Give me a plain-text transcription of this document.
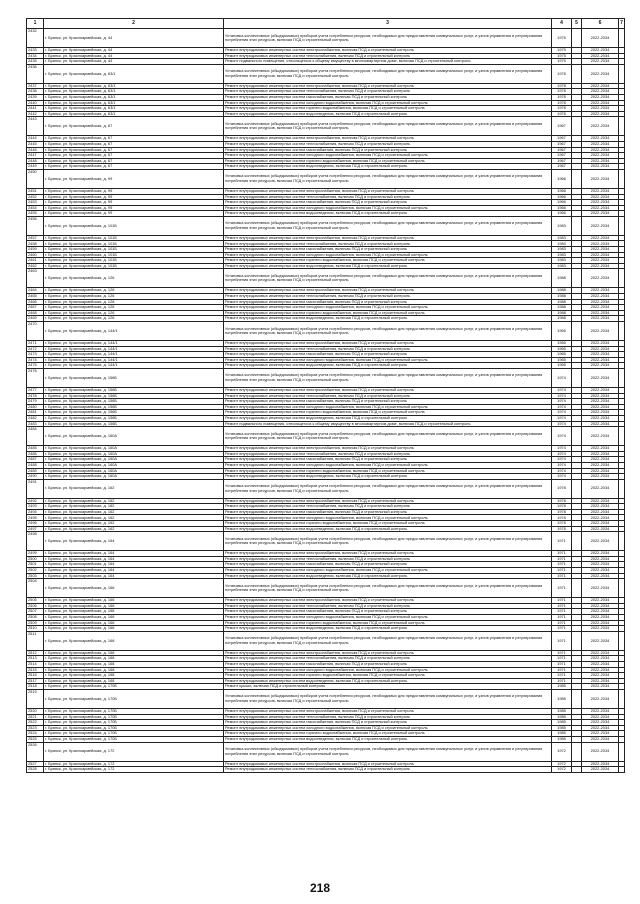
1	2	3	4	5	6	7
2432	г. Брянск, ул. Красноармейская, д. 44	Установка коллективных (общедомовых) приборов учета потребления ресурсов, необходимых для предоставления коммунальных услуг, и узлов управления и регулирования потребления этих ресурсов, включая ПСД и строительный контроль	1975		2022-2034	
2433	г. Брянск, ул. Красноармейская, д. 44	Ремонт внутридомовых инженерных систем электроснабжения, включая ПСД и строительный контроль	1975		2022-2034	
2434	г. Брянск, ул. Красноармейская, д. 44	Ремонт внутридомовых инженерных систем теплоснабжения, включая ПСД и строительный контроль	1975		2022-2034	
2435	г. Брянск, ул. Красноармейская, д. 44	Ремонт подвального помещения, относящегося к общему имуществу в многоквартирном доме, включая ПСД и строительный контроль	1975		2022-2034	
2436	г. Брянск, ул. Красноармейская, д. 63/1	Установка коллективных (общедомовых) приборов учета потребления ресурсов, необходимых для предоставления коммунальных услуг, и узлов управления и регулирования потребления этих ресурсов, включая ПСД и строительный контроль	1978		2022-2034	
2437	г. Брянск, ул. Красноармейская, д. 63/1	Ремонт внутридомовых инженерных систем электроснабжения, включая ПСД и строительный контроль	1978		2022-2034	
2438	г. Брянск, ул. Красноармейская, д. 63/1	Ремонт внутридомовых инженерных систем теплоснабжения, включая ПСД и строительный контроль	1978		2022-2034	
2439	г. Брянск, ул. Красноармейская, д. 63/1	Ремонт внутридомовых инженерных систем газоснабжения, включая ПСД и строительный контроль	1978		2022-2034	
2440	г. Брянск, ул. Красноармейская, д. 63/1	Ремонт внутридомовых инженерных систем холодного водоснабжения, включая ПСД и строительный контроль	1978		2022-2034	
2441	г. Брянск, ул. Красноармейская, д. 63/1	Ремонт внутридомовых инженерных систем горячего водоснабжения, включая ПСД и строительный контроль	1978		2022-2034	
2442	г. Брянск, ул. Красноармейская, д. 63/1	Ремонт внутридомовых инженерных систем водоотведения, включая ПСД и строительный контроль	1978		2022-2034	
2443	г. Брянск, ул. Красноармейская, д. 67	Установка коллективных (общедомовых) приборов учета потребления ресурсов, необходимых для предоставления коммунальных услуг, и узлов управления и регулирования потребления этих ресурсов, включая ПСД и строительный контроль	1967		2022-2034	
2444	г. Брянск, ул. Красноармейская, д. 67	Ремонт внутридомовых инженерных систем электроснабжения, включая ПСД и строительный контроль	1967		2022-2034	
2445	г. Брянск, ул. Красноармейская, д. 67	Ремонт внутридомовых инженерных систем теплоснабжения, включая ПСД и строительный контроль	1967		2022-2034	
2446	г. Брянск, ул. Красноармейская, д. 67	Ремонт внутридомовых инженерных систем газоснабжения, включая ПСД и строительный контроль	1967		2022-2034	
2447	г. Брянск, ул. Красноармейская, д. 67	Ремонт внутридомовых инженерных систем холодного водоснабжения, включая ПСД и строительный контроль	1967		2022-2034	
2448	г. Брянск, ул. Красноармейская, д. 67	Ремонт внутридомовых инженерных систем горячего водоснабжения, включая ПСД и строительный контроль	1967		2022-2034	
2449	г. Брянск, ул. Красноармейская, д. 67	Ремонт внутридомовых инженерных систем водоотведения, включая ПСД и строительный контроль	1967		2022-2034	
2450	г. Брянск, ул. Красноармейская, д. 99	Установка коллективных (общедомовых) приборов учета потребления ресурсов, необходимых для предоставления коммунальных услуг, и узлов управления и регулирования потребления этих ресурсов, включая ПСД и строительный контроль	1966		2022-2034	
2451	г. Брянск, ул. Красноармейская, д. 99	Ремонт внутридомовых инженерных систем электроснабжения, включая ПСД и строительный контроль	1966		2022-2034	
2452	г. Брянск, ул. Красноармейская, д. 99	Ремонт внутридомовых инженерных систем теплоснабжения, включая ПСД и строительный контроль	1966		2022-2034	
2453	г. Брянск, ул. Красноармейская, д. 99	Ремонт внутридомовых инженерных систем газоснабжения, включая ПСД и строительный контроль	1966		2022-2034	
2454	г. Брянск, ул. Красноармейская, д. 99	Ремонт внутридомовых инженерных систем холодного водоснабжения, включая ПСД и строительный контроль	1966		2022-2034	
2455	г. Брянск, ул. Красноармейская, д. 99	Ремонт внутридомовых инженерных систем водоотведения, включая ПСД и строительный контроль	1966		2022-2034	
2456	г. Брянск, ул. Красноармейская, д. 101Б	Установка коллективных (общедомовых) приборов учета потребления ресурсов, необходимых для предоставления коммунальных услуг, и узлов управления и регулирования потребления этих ресурсов, включая ПСД и строительный контроль	1983		2022-2034	
2457	г. Брянск, ул. Красноармейская, д. 101Б	Ремонт внутридомовых инженерных систем электроснабжения, включая ПСД и строительный контроль	1983		2022-2034	
2458	г. Брянск, ул. Красноармейская, д. 101Б	Ремонт внутридомовых инженерных систем теплоснабжения, включая ПСД и строительный контроль	1983		2022-2034	
2459	г. Брянск, ул. Красноармейская, д. 101Б	Ремонт внутридомовых инженерных систем газоснабжения, включая ПСД и строительный контроль	1983		2022-2034	
2460	г. Брянск, ул. Красноармейская, д. 101Б	Ремонт внутридомовых инженерных систем холодного водоснабжения, включая ПСД и строительный контроль	1983		2022-2034	
2461	г. Брянск, ул. Красноармейская, д. 101Б	Ремонт внутридомовых инженерных систем горячего водоснабжения, включая ПСД и строительный контроль	1983		2022-2034	
2462	г. Брянск, ул. Красноармейская, д. 101Б	Ремонт внутридомовых инженерных систем водоотведения, включая ПСД и строительный контроль	1983		2022-2034	
2463	г. Брянск, ул. Красноармейская, д. 126	Установка коллективных (общедомовых) приборов учета потребления ресурсов, необходимых для предоставления коммунальных услуг, и узлов управления и регулирования потребления этих ресурсов, включая ПСД и строительный контроль	1988		2022-2034	
2464	г. Брянск, ул. Красноармейская, д. 126	Ремонт внутридомовых инженерных систем электроснабжения, включая ПСД и строительный контроль	1988		2022-2034	
2465	г. Брянск, ул. Красноармейская, д. 126	Ремонт внутридомовых инженерных систем теплоснабжения, включая ПСД и строительный контроль	1988		2022-2034	
2466	г. Брянск, ул. Красноармейская, д. 126	Ремонт внутридомовых инженерных систем газоснабжения, включая ПСД и строительный контроль	1988		2022-2034	
2467	г. Брянск, ул. Красноармейская, д. 126	Ремонт внутридомовых инженерных систем холодного водоснабжения, включая ПСД и строительный контроль	1988		2022-2034	
2468	г. Брянск, ул. Красноармейская, д. 126	Ремонт внутридомовых инженерных систем горячего водоснабжения, включая ПСД и строительный контроль	1988		2022-2034	
2469	г. Брянск, ул. Красноармейская, д. 126	Ремонт внутридомовых инженерных систем водоотведения, включая ПСД и строительный контроль	1988		2022-2034	
2470	г. Брянск, ул. Красноармейская, д. 144/1	Установка коллективных (общедомовых) приборов учета потребления ресурсов, необходимых для предоставления коммунальных услуг, и узлов управления и регулирования потребления этих ресурсов, включая ПСД и строительный контроль	1965		2022-2034	
2471	г. Брянск, ул. Красноармейская, д. 144/1	Ремонт внутридомовых инженерных систем электроснабжения, включая ПСД и строительный контроль	1965		2022-2034	
2472	г. Брянск, ул. Красноармейская, д. 144/1	Ремонт внутридомовых инженерных систем теплоснабжения, включая ПСД и строительный контроль	1965		2022-2034	
2473	г. Брянск, ул. Красноармейская, д. 144/1	Ремонт внутридомовых инженерных систем газоснабжения, включая ПСД и строительный контроль	1965		2022-2034	
2474	г. Брянск, ул. Красноармейская, д. 144/1	Ремонт внутридомовых инженерных систем холодного водоснабжения, включая ПСД и строительный контроль	1965		2022-2034	
2475	г. Брянск, ул. Красноармейская, д. 144/1	Ремонт внутридомовых инженерных систем водоотведения, включая ПСД и строительный контроль	1965		2022-2034	
2476	г. Брянск, ул. Красноармейская, д. 156Б	Установка коллективных (общедомовых) приборов учета потребления ресурсов, необходимых для предоставления коммунальных услуг, и узлов управления и регулирования потребления этих ресурсов, включая ПСД и строительный контроль	1974		2022-2034	
2477	г. Брянск, ул. Красноармейская, д. 156Б	Ремонт внутридомовых инженерных систем электроснабжения, включая ПСД и строительный контроль	1974		2022-2034	
2478	г. Брянск, ул. Красноармейская, д. 156Б	Ремонт внутридомовых инженерных систем теплоснабжения, включая ПСД и строительный контроль	1974		2022-2034	
2479	г. Брянск, ул. Красноармейская, д. 156Б	Ремонт внутридомовых инженерных систем газоснабжения, включая ПСД и строительный контроль	1974		2022-2034	
2480	г. Брянск, ул. Красноармейская, д. 156Б	Ремонт внутридомовых инженерных систем холодного водоснабжения, включая ПСД и строительный контроль	1974		2022-2034	
2481	г. Брянск, ул. Красноармейская, д. 156Б	Ремонт внутридомовых инженерных систем горячего водоснабжения, включая ПСД и строительный контроль	1974		2022-2034	
2482	г. Брянск, ул. Красноармейская, д. 156Б	Ремонт внутридомовых инженерных систем водоотведения, включая ПСД и строительный контроль	1974		2022-2034	
2483	г. Брянск, ул. Красноармейская, д. 156Б	Ремонт подвального помещения, относящегося к общему имуществу в многоквартирном доме, включая ПСД и строительный контроль	1974		2022-2034	
2484	г. Брянск, ул. Красноармейская, д. 160А	Установка коллективных (общедомовых) приборов учета потребления ресурсов, необходимых для предоставления коммунальных услуг, и узлов управления и регулирования потребления этих ресурсов, включая ПСД и строительный контроль	1974		2022-2034	
2485	г. Брянск, ул. Красноармейская, д. 160А	Ремонт внутридомовых инженерных систем электроснабжения, включая ПСД и строительный контроль	1974		2022-2034	
2486	г. Брянск, ул. Красноармейская, д. 160А	Ремонт внутридомовых инженерных систем теплоснабжения, включая ПСД и строительный контроль	1974		2022-2034	
2487	г. Брянск, ул. Красноармейская, д. 160А	Ремонт внутридомовых инженерных систем газоснабжения, включая ПСД и строительный контроль	1974		2022-2034	
2488	г. Брянск, ул. Красноармейская, д. 160А	Ремонт внутридомовых инженерных систем холодного водоснабжения, включая ПСД и строительный контроль	1974		2022-2034	
2489	г. Брянск, ул. Красноармейская, д. 160А	Ремонт внутридомовых инженерных систем горячего водоснабжения, включая ПСД и строительный контроль	1974		2022-2034	
2490	г. Брянск, ул. Красноармейская, д. 160А	Ремонт внутридомовых инженерных систем водоотведения, включая ПСД и строительный контроль	1974		2022-2034	
2491	г. Брянск, ул. Красноармейская, д. 162	Установка коллективных (общедомовых) приборов учета потребления ресурсов, необходимых для предоставления коммунальных услуг, и узлов управления и регулирования потребления этих ресурсов, включая ПСД и строительный контроль	1978		2022-2034	
2492	г. Брянск, ул. Красноармейская, д. 162	Ремонт внутридомовых инженерных систем электроснабжения, включая ПСД и строительный контроль	1978		2022-2034	
2493	г. Брянск, ул. Красноармейская, д. 162	Ремонт внутридомовых инженерных систем теплоснабжения, включая ПСД и строительный контроль	1978		2022-2034	
2494	г. Брянск, ул. Красноармейская, д. 162	Ремонт внутридомовых инженерных систем газоснабжения, включая ПСД и строительный контроль	1978		2022-2034	
2495	г. Брянск, ул. Красноармейская, д. 162	Ремонт внутридомовых инженерных систем холодного водоснабжения, включая ПСД и строительный контроль	1978		2022-2034	
2496	г. Брянск, ул. Красноармейская, д. 162	Ремонт внутридомовых инженерных систем горячего водоснабжения, включая ПСД и строительный контроль	1978		2022-2034	
2497	г. Брянск, ул. Красноармейская, д. 162	Ремонт внутридомовых инженерных систем водоотведения, включая ПСД и строительный контроль	1978		2022-2034	
2498	г. Брянск, ул. Красноармейская, д. 164	Установка коллективных (общедомовых) приборов учета потребления ресурсов, необходимых для предоставления коммунальных услуг, и узлов управления и регулирования потребления этих ресурсов, включая ПСД и строительный контроль	1971		2022-2034	
2499	г. Брянск, ул. Красноармейская, д. 164	Ремонт внутридомовых инженерных систем электроснабжения, включая ПСД и строительный контроль	1971		2022-2034	
2500	г. Брянск, ул. Красноармейская, д. 164	Ремонт внутридомовых инженерных систем теплоснабжения, включая ПСД и строительный контроль	1971		2022-2034	
2501	г. Брянск, ул. Красноармейская, д. 164	Ремонт внутридомовых инженерных систем газоснабжения, включая ПСД и строительный контроль	1971		2022-2034	
2502	г. Брянск, ул. Красноармейская, д. 164	Ремонт внутридомовых инженерных систем холодного водоснабжения, включая ПСД и строительный контроль	1971		2022-2034	
2503	г. Брянск, ул. Красноармейская, д. 164	Ремонт внутридомовых инженерных систем водоотведения, включая ПСД и строительный контроль	1971		2022-2034	
2504	г. Брянск, ул. Красноармейская, д. 166	Установка коллективных (общедомовых) приборов учета потребления ресурсов, необходимых для предоставления коммунальных услуг, и узлов управления и регулирования потребления этих ресурсов, включая ПСД и строительный контроль	1971		2022-2034	
2505	г. Брянск, ул. Красноармейская, д. 166	Ремонт внутридомовых инженерных систем электроснабжения, включая ПСД и строительный контроль	1971		2022-2034	
2506	г. Брянск, ул. Красноармейская, д. 166	Ремонт внутридомовых инженерных систем теплоснабжения, включая ПСД и строительный контроль	1971		2022-2034	
2507	г. Брянск, ул. Красноармейская, д. 166	Ремонт внутридомовых инженерных систем газоснабжения, включая ПСД и строительный контроль	1971		2022-2034	
2508	г. Брянск, ул. Красноармейская, д. 166	Ремонт внутридомовых инженерных систем холодного водоснабжения, включая ПСД и строительный контроль	1971		2022-2034	
2509	г. Брянск, ул. Красноармейская, д. 166	Ремонт внутридомовых инженерных систем горячего водоснабжения, включая ПСД и строительный контроль	1971		2022-2034	
2510	г. Брянск, ул. Красноармейская, д. 166	Ремонт внутридомовых инженерных систем водоотведения, включая ПСД и строительный контроль	1971		2022-2034	
2511	г. Брянск, ул. Красноармейская, д. 168	Установка коллективных (общедомовых) приборов учета потребления ресурсов, необходимых для предоставления коммунальных услуг, и узлов управления и регулирования потребления этих ресурсов, включая ПСД и строительный контроль	1971		2022-2034	
2512	г. Брянск, ул. Красноармейская, д. 168	Ремонт внутридомовых инженерных систем электроснабжения, включая ПСД и строительный контроль	1971		2022-2034	
2513	г. Брянск, ул. Красноармейская, д. 168	Ремонт внутридомовых инженерных систем теплоснабжения, включая ПСД и строительный контроль	1971		2022-2034	
2514	г. Брянск, ул. Красноармейская, д. 168	Ремонт внутридомовых инженерных систем газоснабжения, включая ПСД и строительный контроль	1971		2022-2034	
2515	г. Брянск, ул. Красноармейская, д. 168	Ремонт внутридомовых инженерных систем холодного водоснабжения, включая ПСД и строительный контроль	1971		2022-2034	
2516	г. Брянск, ул. Красноармейская, д. 168	Ремонт внутридомовых инженерных систем горячего водоснабжения, включая ПСД и строительный контроль	1971		2022-2034	
2517	г. Брянск, ул. Красноармейская, д. 168	Ремонт внутридомовых инженерных систем водоотведения, включая ПСД и строительный контроль	1971		2022-2034	
2518	г. Брянск, ул. Красноармейская, д. 170Б	Ремонт крыши, включая ПСД и строительный контроль	1985		2022-2034	
2519	г. Брянск, ул. Красноармейская, д. 170Б	Установка коллективных (общедомовых) приборов учета потребления ресурсов, необходимых для предоставления коммунальных услуг, и узлов управления и регулирования потребления этих ресурсов, включая ПСД и строительный контроль	1985		2022-2034	
2520	г. Брянск, ул. Красноармейская, д. 170Б	Ремонт внутридомовых инженерных систем электроснабжения, включая ПСД и строительный контроль	1985		2022-2034	
2521	г. Брянск, ул. Красноармейская, д. 170Б	Ремонт внутридомовых инженерных систем теплоснабжения, включая ПСД и строительный контроль	1985		2022-2034	
2522	г. Брянск, ул. Красноармейская, д. 170Б	Ремонт внутридомовых инженерных систем газоснабжения, включая ПСД и строительный контроль	1985		2022-2034	
2523	г. Брянск, ул. Красноармейская, д. 170Б	Ремонт внутридомовых инженерных систем холодного водоснабжения, включая ПСД и строительный контроль	1985		2022-2034	
2524	г. Брянск, ул. Красноармейская, д. 170Б	Ремонт внутридомовых инженерных систем горячего водоснабжения, включая ПСД и строительный контроль	1985		2022-2034	
2525	г. Брянск, ул. Красноармейская, д. 170Б	Ремонт внутридомовых инженерных систем водоотведения, включая ПСД и строительный контроль	1985		2022-2034	
2526	г. Брянск, ул. Красноармейская, д. 172	Установка коллективных (общедомовых) приборов учета потребления ресурсов, необходимых для предоставления коммунальных услуг, и узлов управления и регулирования потребления этих ресурсов, включая ПСД и строительный контроль	1972		2022-2034	
2527	г. Брянск, ул. Красноармейская, д. 172	Ремонт внутридомовых инженерных систем электроснабжения, включая ПСД и строительный контроль	1972		2022-2034	
2528	г. Брянск, ул. Красноармейская, д. 172	Ремонт внутридомовых инженерных систем теплоснабжения, включая ПСД и строительный контроль	1972		2022-2034	
218
